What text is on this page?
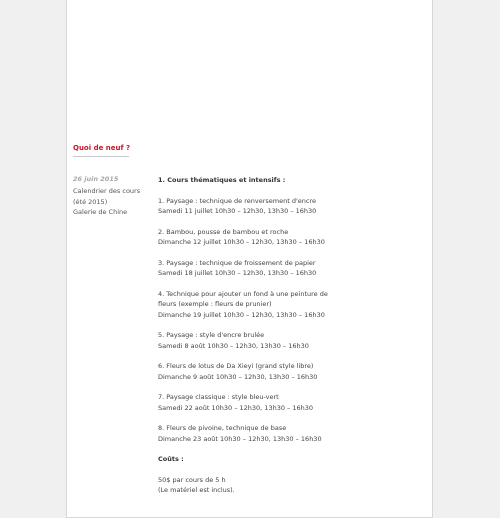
Quoi de neuf ?
26 juin 2015
Calendrier des cours (été 2015)
Galerie de Chine
1. Cours thématiques et intensifs :
1. Paysage : technique de renversement d'encre
Samedi 11 juillet 10h30 – 12h30, 13h30 – 16h30
2. Bambou, pousse de bambou et roche
Dimanche 12 juillet 10h30 – 12h30, 13h30 – 16h30
3. Paysage : technique de froissement de papier
Samedi 18 juillet 10h30 – 12h30, 13h30 – 16h30
4. Technique pour ajouter un fond à une peinture de
fleurs (exemple : fleurs de prunier)
Dimanche 19 juillet 10h30 – 12h30, 13h30 – 16h30
5. Paysage : style d'encre brulée
Samedi 8 août 10h30 – 12h30, 13h30 – 16h30
6. Fleurs de lotus de Da Xieyi (grand style libre)
Dimanche 9 août 10h30 – 12h30, 13h30 – 16h30
7. Paysage classique : style bleu-vert
Samedi 22 août 10h30 – 12h30, 13h30 – 16h30
8. Fleurs de pivoine, technique de base
Dimanche 23 août 10h30 – 12h30, 13h30 – 16h30
Coûts :
50$ par cours de 5 h
(Le matériel est inclus).
